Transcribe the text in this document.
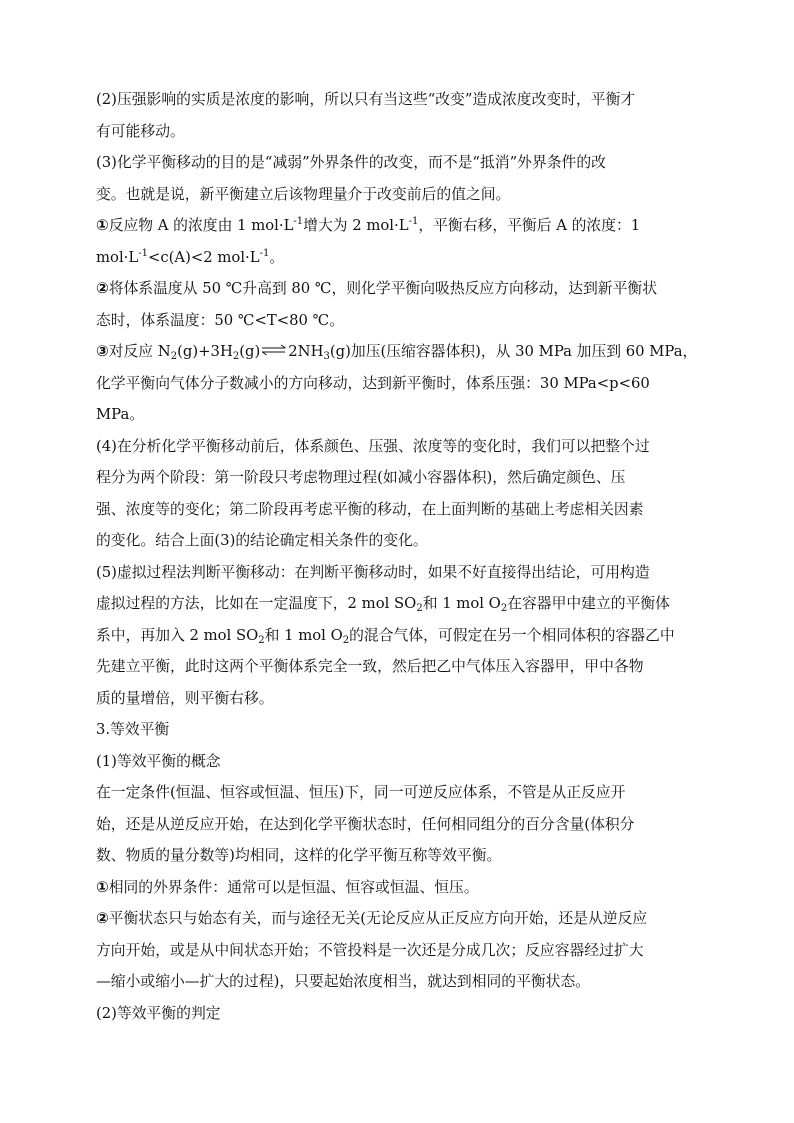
(2)压强影响的实质是浓度的影响，所以只有当这些“改变”造成浓度改变时，平衡才
有可能移动。
(3)化学平衡移动的目的是“减弱”外界条件的改变，而不是“抵消”外界条件的改
变。也就是说，新平衡建立后该物理量介于改变前后的值之间。
①反应物 A 的浓度由 1 $mol\cdot L^{-1}$增大为 2 $mol\cdot L^{-1}$，平衡右移，平衡后 A 的浓度：1
$mol\cdot L^{-1}<c(A)<2$ $mol\cdot L^{-1}$。
②将体系温度从 50 ℃升高到 80 ℃，则化学平衡向吸热反应方向移动，达到新平衡状
态时，体系温度：50 ℃<T<80 ℃。
③对反应 $N_2(g)+3H_2(g)\rightleftharpoons 2NH_3(g)$加压(压缩容器体积)，从 30 MPa 加压到 60 MPa，
化学平衡向气体分子数减小的方向移动，达到新平衡时，体系压强：30 MPa<p<60
MPa。
(4)在分析化学平衡移动前后，体系颜色、压强、浓度等的变化时，我们可以把整个过
程分为两个阶段：第一阶段只考虑物理过程(如减小容器体积)，然后确定颜色、压
强、浓度等的变化；第二阶段再考虑平衡的移动，在上面判断的基础上考虑相关因素
的变化。结合上面(3)的结论确定相关条件的变化。
(5)虚拟过程法判断平衡移动：在判断平衡移动时，如果不好直接得出结论，可用构造
虚拟过程的方法，比如在一定温度下，2 mol $SO_2$和 1 mol $O_2$在容器甲中建立的平衡体
系中，再加入 2 mol $SO_2$和 1 mol $O_2$的混合气体，可假定在另一个相同体积的容器乙中
先建立平衡，此时这两个平衡体系完全一致，然后把乙中气体压入容器甲，甲中各物
质的量增倍，则平衡右移。
3.等效平衡
(1)等效平衡的概念
在一定条件(恒温、恒容或恒温、恒压)下，同一可逆反应体系，不管是从正反应开
始，还是从逆反应开始，在达到化学平衡状态时，任何相同组分的百分含量(体积分
数、物质的量分数等)均相同，这样的化学平衡互称等效平衡。
①相同的外界条件：通常可以是恒温、恒容或恒温、恒压。
②平衡状态只与始态有关，而与途径无关(无论反应从正反应方向开始，还是从逆反应
方向开始，或是从中间状态开始；不管投料是一次还是分成几次；反应容器经过扩大
—缩小或缩小—扩大的过程)，只要起始浓度相当，就达到相同的平衡状态。
(2)等效平衡的判定
